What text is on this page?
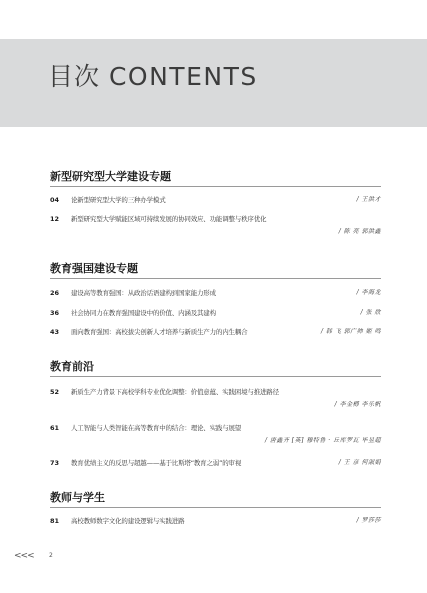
目次 CONTENTS
新型研究型大学建设专题
04 论新型研究型大学的三种办学模式	/ 王洪才
12 新型研究型大学赋能区域可持续发展的协同效应、功能调整与秩序优化
/ 陈 亮 郭洪鑫
教育强国建设专题
26 建设高等教育强国：从政治话语建构到国家能力形成	/ 李海龙
36 社会协同力在教育强国建设中的价值、内涵及其建构	/ 张 欣
43 面向教育强国：高校拔尖创新人才培养与新质生产力的内生耦合	/ 韩 飞 郭广帅 姬 鸣
教育前沿
52 新质生产力背景下高校学科专业优化调整：价值意蕴、实践困境与推进路径
/ 李金樽 李乐帆
61 人工智能与人类智能在高等教育中的结合：理论、实践与展望
/ 唐鑫齐 [英] 穆特鲁 · 丘库罗瓦 毕昱超
73 教育优绩主义的反思与超越——基于比斯塔“教育之弱”的审视	/ 王 彦 何淑娟
教师与学生
81 高校教师数字文化的建设逻辑与实践进路	/ 罗莎莎
<<<	2
